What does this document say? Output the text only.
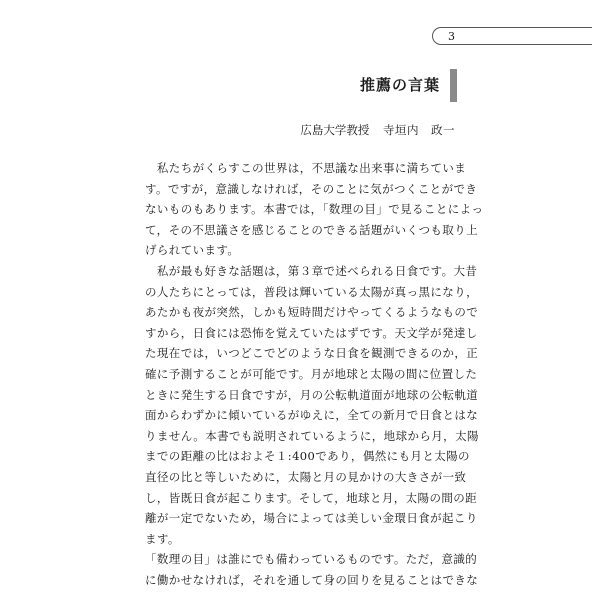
3
推薦の言葉
広島大学教授 寺垣内　政一
　私たちがくらすこの世界は，不思議な出来事に満ちていま
す。ですが，意識しなければ，そのことに気がつくことができ
ないものもあります。本書では，「数理の目」で見ることによっ
て，その不思議さを感じることのできる話題がいくつも取り上
げられています。
　私が最も好きな話題は，第３章で述べられる日食です。大昔
の人たちにとっては，普段は輝いている太陽が真っ黒になり，
あたかも夜が突然，しかも短時間だけやってくるようなもので
すから，日食には恐怖を覚えていたはずです。天文学が発達し
た現在では，いつどこでどのような日食を観測できるのか，正
確に予測することが可能です。月が地球と太陽の間に位置した
ときに発生する日食ですが，月の公転軌道面が地球の公転軌道
面からわずかに傾いているがゆえに，全ての新月で日食とはな
りません。本書でも説明されているように，地球から月，太陽
までの距離の比はおよそ１:400であり，偶然にも月と太陽の
直径の比と等しいために，太陽と月の見かけの大きさが一致
し，皆既日食が起こります。そして，地球と月，太陽の間の距
離が一定でないため，場合によっては美しい金環日食が起こり
ます。
「数理の目」は誰にでも備わっているものです。ただ，意識的
に働かせなければ，それを通して身の回りを見ることはできな
